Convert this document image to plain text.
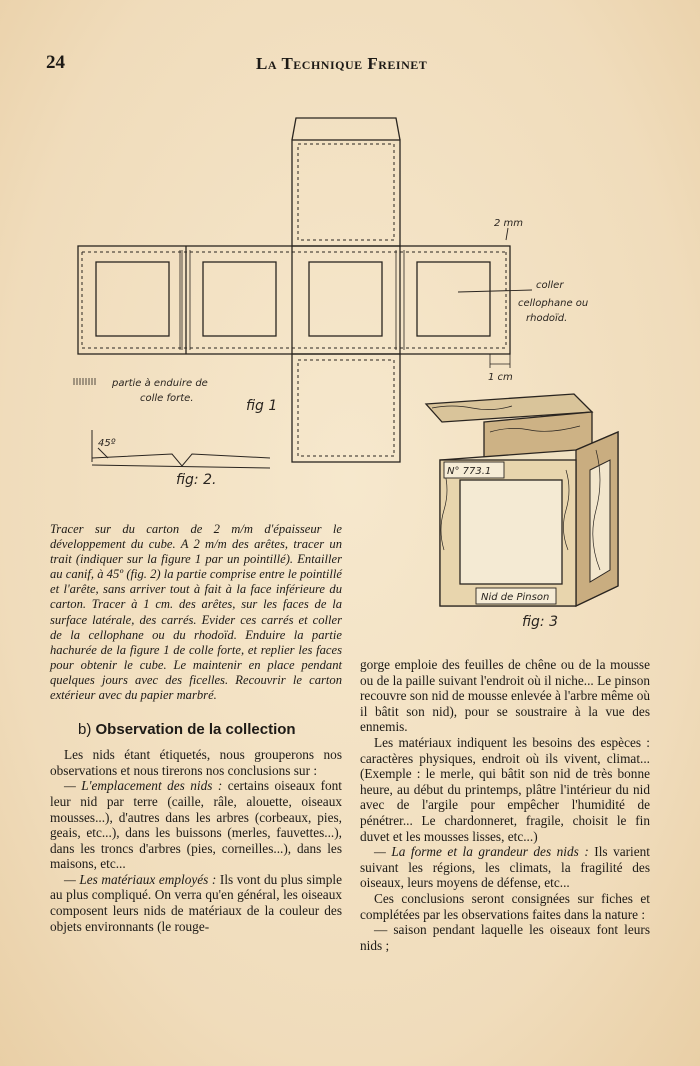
24	La Technique Freinet
2 mm
1 cm
coller
cellophane ou
rhodoïd.
partie à enduire de
colle forte.	fig 1
45º
fig: 2.
N° 773.1
Nid de Pinson
fig: 3
Tracer sur du carton de 2 m/m d'épaisseur le développement du cube. A 2 m/m des arêtes, tracer un trait (indiquer sur la figure 1 par un pointillé). Entailler au canif, à 45º (fig. 2) la partie comprise entre le pointillé et l'arête, sans arriver tout à fait à la face inférieure du carton. Tracer à 1 cm. des arêtes, sur les faces de la surface latérale, des carrés. Evider ces carrés et coller de la cellophane ou du rhodoïd. Enduire la partie hachurée de la figure 1 de colle forte, et replier les faces pour obtenir le cube. Le maintenir en place pendant quelques jours avec des ficelles. Recouvrir le carton extérieur avec du papier marbré.
b) Observation de la collection

Les nids étant étiquetés, nous grouperons nos observations et nous tirerons nos conclusions sur :

— L'emplacement des nids : certains oiseaux font leur nid par terre (caille, râle, alouette, oiseaux mousses...), d'autres dans les arbres (corbeaux, pies, geais, etc...), dans les buissons (merles, fauvettes...), dans les troncs d'arbres (pies, corneilles...), dans les maisons, etc...

— Les matériaux employés : Ils vont du plus simple au plus compliqué. On verra qu'en général, les oiseaux composent leurs nids de matériaux de la couleur des objets environnants (le rouge-

gorge emploie des feuilles de chêne ou de la mousse ou de la paille suivant l'endroit où il niche... Le pinson recouvre son nid de mousse enlevée à l'arbre même où il bâtit son nid), pour se soustraire à la vue des ennemis.

Les matériaux indiquent les besoins des espèces : caractères physiques, endroit où ils vivent, climat... (Exemple : le merle, qui bâtit son nid de très bonne heure, au début du printemps, plâtre l'intérieur du nid avec de l'argile pour empêcher l'humidité de pénétrer... Le chardonneret, fragile, choisit le fin duvet et les mousses lisses, etc...)

— La forme et la grandeur des nids : Ils varient suivant les régions, les climats, la fragilité des oiseaux, leurs moyens de défense, etc...

Ces conclusions seront consignées sur fiches et complétées par les observations faites dans la nature :

— saison pendant laquelle les oiseaux font leurs nids ;
